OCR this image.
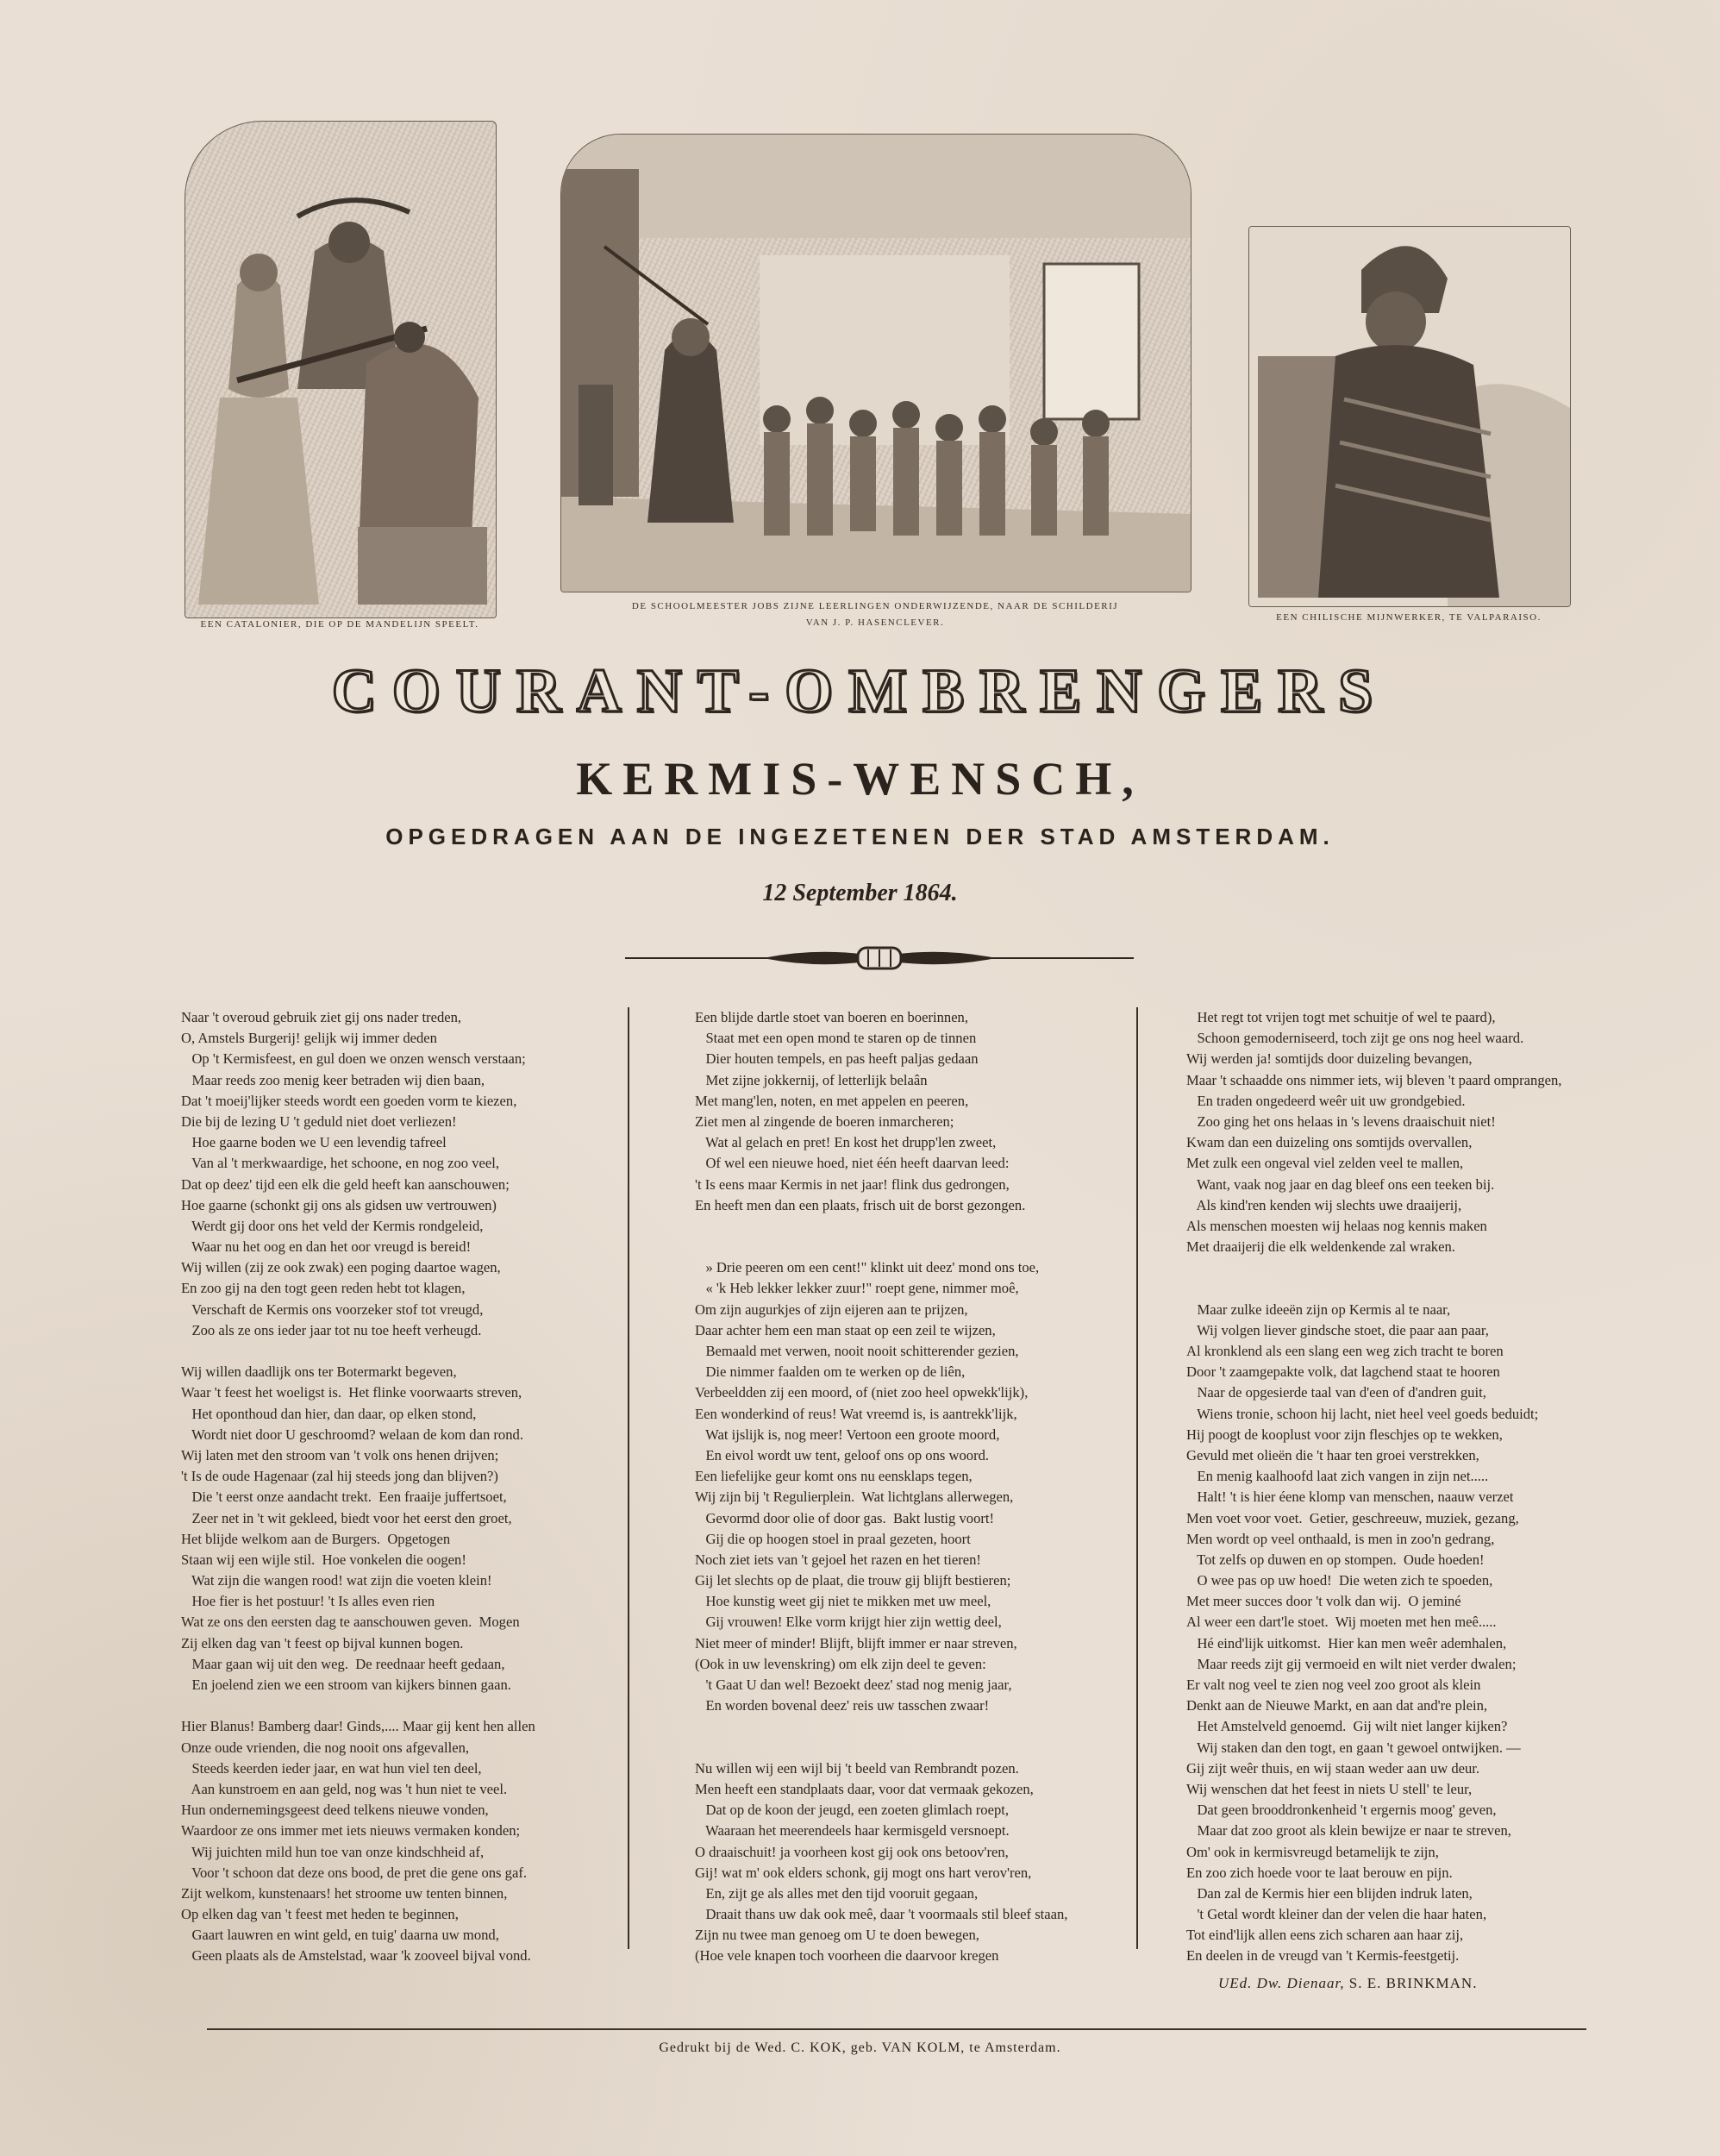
EEN CATALONIER, DIE OP DE MANDELIJN SPEELT.
DE SCHOOLMEESTER JOBS ZIJNE LEERLINGEN ONDERWIJZENDE, NAAR DE SCHILDERIJ
VAN J. P. HASENCLEVER.	EEN CHILISCHE MIJNWERKER, TE VALPARAISO.
COURANT-OMBRENGERS
KERMIS-WENSCH,
OPGEDRAGEN AAN DE INGEZETENEN DER STAD AMSTERDAM.
12 September 1864.
Naar 't overoud gebruik ziet gij ons nader treden,
O, Amstels Burgerij! gelijk wij immer deden
Op 't Kermisfeest, en gul doen we onzen wensch verstaan;
Maar reeds zoo menig keer betraden wij dien baan,
Dat 't moeij'lijker steeds wordt een goeden vorm te kiezen,
Die bij de lezing U 't geduld niet doet verliezen!
Hoe gaarne boden we U een levendig tafreel
Van al 't merkwaardige, het schoone, en nog zoo veel,
Dat op deez' tijd een elk die geld heeft kan aanschouwen;
Hoe gaarne (schonkt gij ons als gidsen uw vertrouwen)
Werdt gij door ons het veld der Kermis rondgeleid,
Waar nu het oog en dan het oor vreugd is bereid!
Wij willen (zij ze ook zwak) een poging daartoe wagen,
En zoo gij na den togt geen reden hebt tot klagen,
Verschaft de Kermis ons voorzeker stof tot vreugd,
Zoo als ze ons ieder jaar tot nu toe heeft verheugd.
Wij willen daadlijk ons ter Botermarkt begeven,
Waar 't feest het woeligst is.  Het flinke voorwaarts streven,
Het oponthoud dan hier, dan daar, op elken stond,
Wordt niet door U geschroomd? welaan de kom dan rond.
Wij laten met den stroom van 't volk ons henen drijven;
't Is de oude Hagenaar (zal hij steeds jong dan blijven?)
Die 't eerst onze aandacht trekt.  Een fraaije juffertsoet,
Zeer net in 't wit gekleed, biedt voor het eerst den groet,
Het blijde welkom aan de Burgers.  Opgetogen
Staan wij een wijle stil.  Hoe vonkelen die oogen!
Wat zijn die wangen rood! wat zijn die voeten klein!
Hoe fier is het postuur! 't Is alles even rien
Wat ze ons den eersten dag te aanschouwen geven.  Mogen
Zij elken dag van 't feest op bijval kunnen bogen.
Maar gaan wij uit den weg.  De reednaar heeft gedaan,
En joelend zien we een stroom van kijkers binnen gaan.
Hier Blanus! Bamberg daar! Ginds,.... Maar gij kent hen allen
Onze oude vrienden, die nog nooit ons afgevallen,
Steeds keerden ieder jaar, en wat hun viel ten deel,
Aan kunstroem en aan geld, nog was 't hun niet te veel.
Hun ondernemingsgeest deed telkens nieuwe vonden,
Waardoor ze ons immer met iets nieuws vermaken konden;
Wij juichten mild hun toe van onze kindschheid af,
Voor 't schoon dat deze ons bood, de pret die gene ons gaf.
Zijt welkom, kunstenaars! het stroome uw tenten binnen,
Op elken dag van 't feest met heden te beginnen,
Gaart lauwren en wint geld, en tuig' daarna uw mond,
Geen plaats als de Amstelstad, waar 'k zooveel bijval vond.
Een blijde dartle stoet van boeren en boerinnen,
Staat met een open mond te staren op de tinnen
Dier houten tempels, en pas heeft paljas gedaan
Met zijne jokkernij, of letterlijk belaân
Met mang'len, noten, en met appelen en peeren,
Ziet men al zingende de boeren inmarcheren;
Wat al gelach en pret! En kost het drupp'len zweet,
Of wel een nieuwe hoed, niet één heeft daarvan leed:
't Is eens maar Kermis in net jaar! flink dus gedrongen,
En heeft men dan een plaats, frisch uit de borst gezongen.
» Drie peeren om een cent!" klinkt uit deez' mond ons toe,
« 'k Heb lekker lekker zuur!" roept gene, nimmer moê,
Om zijn augurkjes of zijn eijeren aan te prijzen,
Daar achter hem een man staat op een zeil te wijzen,
Bemaald met verwen, nooit nooit schitterender gezien,
Die nimmer faalden om te werken op de liên,
Verbeeldden zij een moord, of (niet zoo heel opwekk'lijk),
Een wonderkind of reus! Wat vreemd is, is aantrekk'lijk,
Wat ijslijk is, nog meer! Vertoon een groote moord,
En eivol wordt uw tent, geloof ons op ons woord.
Een liefelijke geur komt ons nu eensklaps tegen,
Wij zijn bij 't Regulierplein.  Wat lichtglans allerwegen,
Gevormd door olie of door gas.  Bakt lustig voort!
Gij die op hoogen stoel in praal gezeten, hoort
Noch ziet iets van 't gejoel het razen en het tieren!
Gij let slechts op de plaat, die trouw gij blijft bestieren;
Hoe kunstig weet gij niet te mikken met uw meel,
Gij vrouwen! Elke vorm krijgt hier zijn wettig deel,
Niet meer of minder! Blijft, blijft immer er naar streven,
(Ook in uw levenskring) om elk zijn deel te geven:
't Gaat U dan wel! Bezoekt deez' stad nog menig jaar,
En worden bovenal deez' reis uw tasschen zwaar!
Nu willen wij een wijl bij 't beeld van Rembrandt pozen.
Men heeft een standplaats daar, voor dat vermaak gekozen,
Dat op de koon der jeugd, een zoeten glimlach roept,
Waaraan het meerendeels haar kermisgeld versnoept.
O draaischuit! ja voorheen kost gij ook ons betoov'ren,
Gij! wat m' ook elders schonk, gij mogt ons hart verov'ren,
En, zijt ge als alles met den tijd vooruit gegaan,
Draait thans uw dak ook meê, daar 't voormaals stil bleef staan,
Zijn nu twee man genoeg om U te doen bewegen,
(Hoe vele knapen toch voorheen die daarvoor kregen
Het regt tot vrijen togt met schuitje of wel te paard),
Schoon gemoderniseerd, toch zijt ge ons nog heel waard.
Wij werden ja! somtijds door duizeling bevangen,
Maar 't schaadde ons nimmer iets, wij bleven 't paard omprangen,
En traden ongedeerd weêr uit uw grondgebied.
Zoo ging het ons helaas in 's levens draaischuit niet!
Kwam dan een duizeling ons somtijds overvallen,
Met zulk een ongeval viel zelden veel te mallen,
Want, vaak nog jaar en dag bleef ons een teeken bij.
Als kind'ren kenden wij slechts uwe draaijerij,
Als menschen moesten wij helaas nog kennis maken
Met draaijerij die elk weldenkende zal wraken.
Maar zulke ideeën zijn op Kermis al te naar,
Wij volgen liever gindsche stoet, die paar aan paar,
Al kronklend als een slang een weg zich tracht te boren
Door 't zaamgepakte volk, dat lagchend staat te hooren
Naar de opgesierde taal van d'een of d'andren guit,
Wiens tronie, schoon hij lacht, niet heel veel goeds beduidt;
Hij poogt de kooplust voor zijn fleschjes op te wekken,
Gevuld met olieën die 't haar ten groei verstrekken,
En menig kaalhoofd laat zich vangen in zijn net.....
Halt! 't is hier éene klomp van menschen, naauw verzet
Men voet voor voet.  Getier, geschreeuw, muziek, gezang,
Men wordt op veel onthaald, is men in zoo'n gedrang,
Tot zelfs op duwen en op stompen.  Oude hoeden!
O wee pas op uw hoed!  Die weten zich te spoeden,
Met meer succes door 't volk dan wij.  O jeminé
Al weer een dart'le stoet.  Wij moeten met hen meê.....
Hé eind'lijk uitkomst.  Hier kan men weêr ademhalen,
Maar reeds zijt gij vermoeid en wilt niet verder dwalen;
Er valt nog veel te zien nog veel zoo groot als klein
Denkt aan de Nieuwe Markt, en aan dat and're plein,
Het Amstelveld genoemd.  Gij wilt niet langer kijken?
Wij staken dan den togt, en gaan 't gewoel ontwijken. —
Gij zijt weêr thuis, en wij staan weder aan uw deur.
Wij wenschen dat het feest in niets U stell' te leur,
Dat geen brooddronkenheid 't ergernis moog' geven,
Maar dat zoo groot als klein bewijze er naar te streven,
Om' ook in kermisvreugd betamelijk te zijn,
En zoo zich hoede voor te laat berouw en pijn.
Dan zal de Kermis hier een blijden indruk laten,
't Getal wordt kleiner dan der velen die haar haten,
Tot eind'lijk allen eens zich scharen aan haar zij,
En deelen in de vreugd van 't Kermis-feestgetij.
UEd. Dw. Dienaar, S. E. BRINKMAN.
Gedrukt bij de Wed. C. KOK, geb. VAN KOLM, te Amsterdam.
